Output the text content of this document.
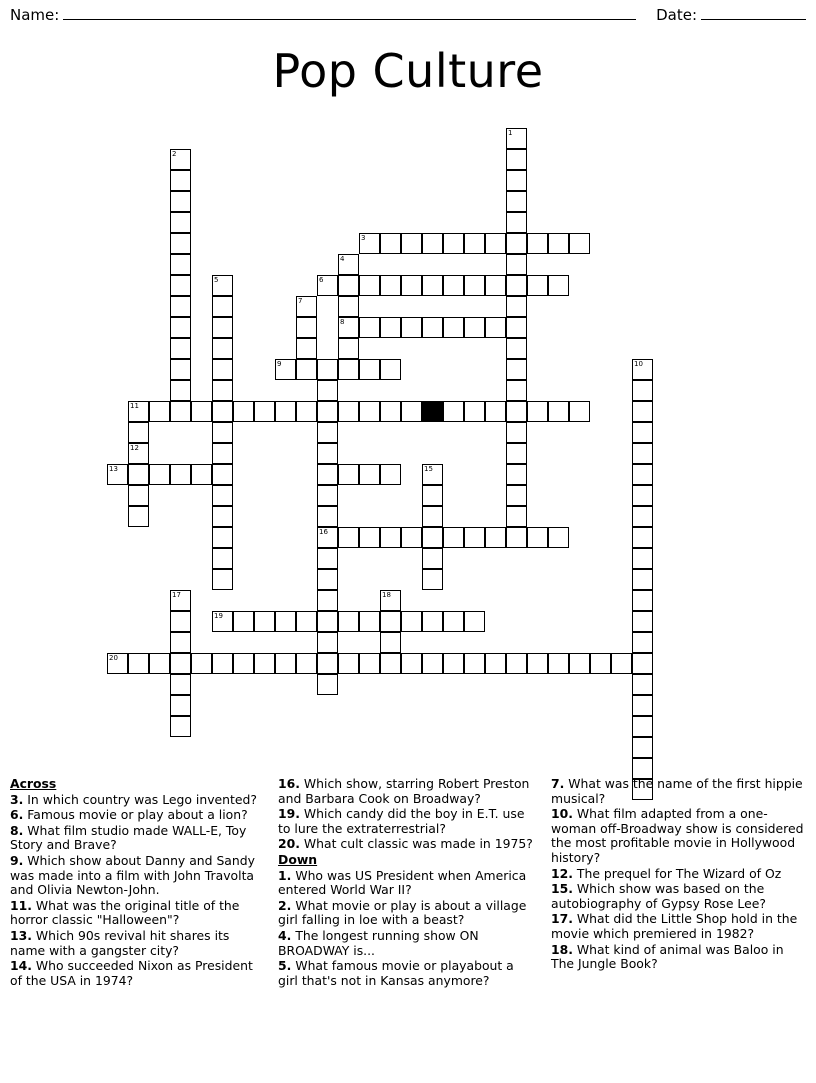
Name:	Date:
Pop Culture
1
2
3
4
5	6
7
8
9	10
11
12
13	15
16
17	18
19
20
Across
3. In which country was Lego invented?
6. Famous movie or play about a lion?
8. What film studio made WALL-E, Toy Story and Brave?
9. Which show about Danny and Sandy was made into a film with John Travolta and Olivia Newton-John.
11. What was the original title of the horror classic "Halloween"?
13. Which 90s revival hit shares its name with a gangster city?
14. Who succeeded Nixon as President of the USA in 1974?
16. Which show, starring Robert Preston and Barbara Cook on Broadway?
19. Which candy did the boy in E.T. use to lure the extraterrestrial?
20. What cult classic was made in 1975?
Down
1. Who was US President when America entered World War II?
2. What movie or play is about a village girl falling in loe with a beast?
4. The longest running show ON BROADWAY is...
5. What famous movie or playabout a girl that's not in Kansas anymore?
7. What was the name of the first hippie musical?
10. What film adapted from a one-woman off-Broadway show is considered the most profitable movie in Hollywood history?
12. The prequel for The Wizard of Oz
15. Which show was based on the autobiography of Gypsy Rose Lee?
17. What did the Little Shop hold in the movie which premiered in 1982?
18. What kind of animal was Baloo in The Jungle Book?
